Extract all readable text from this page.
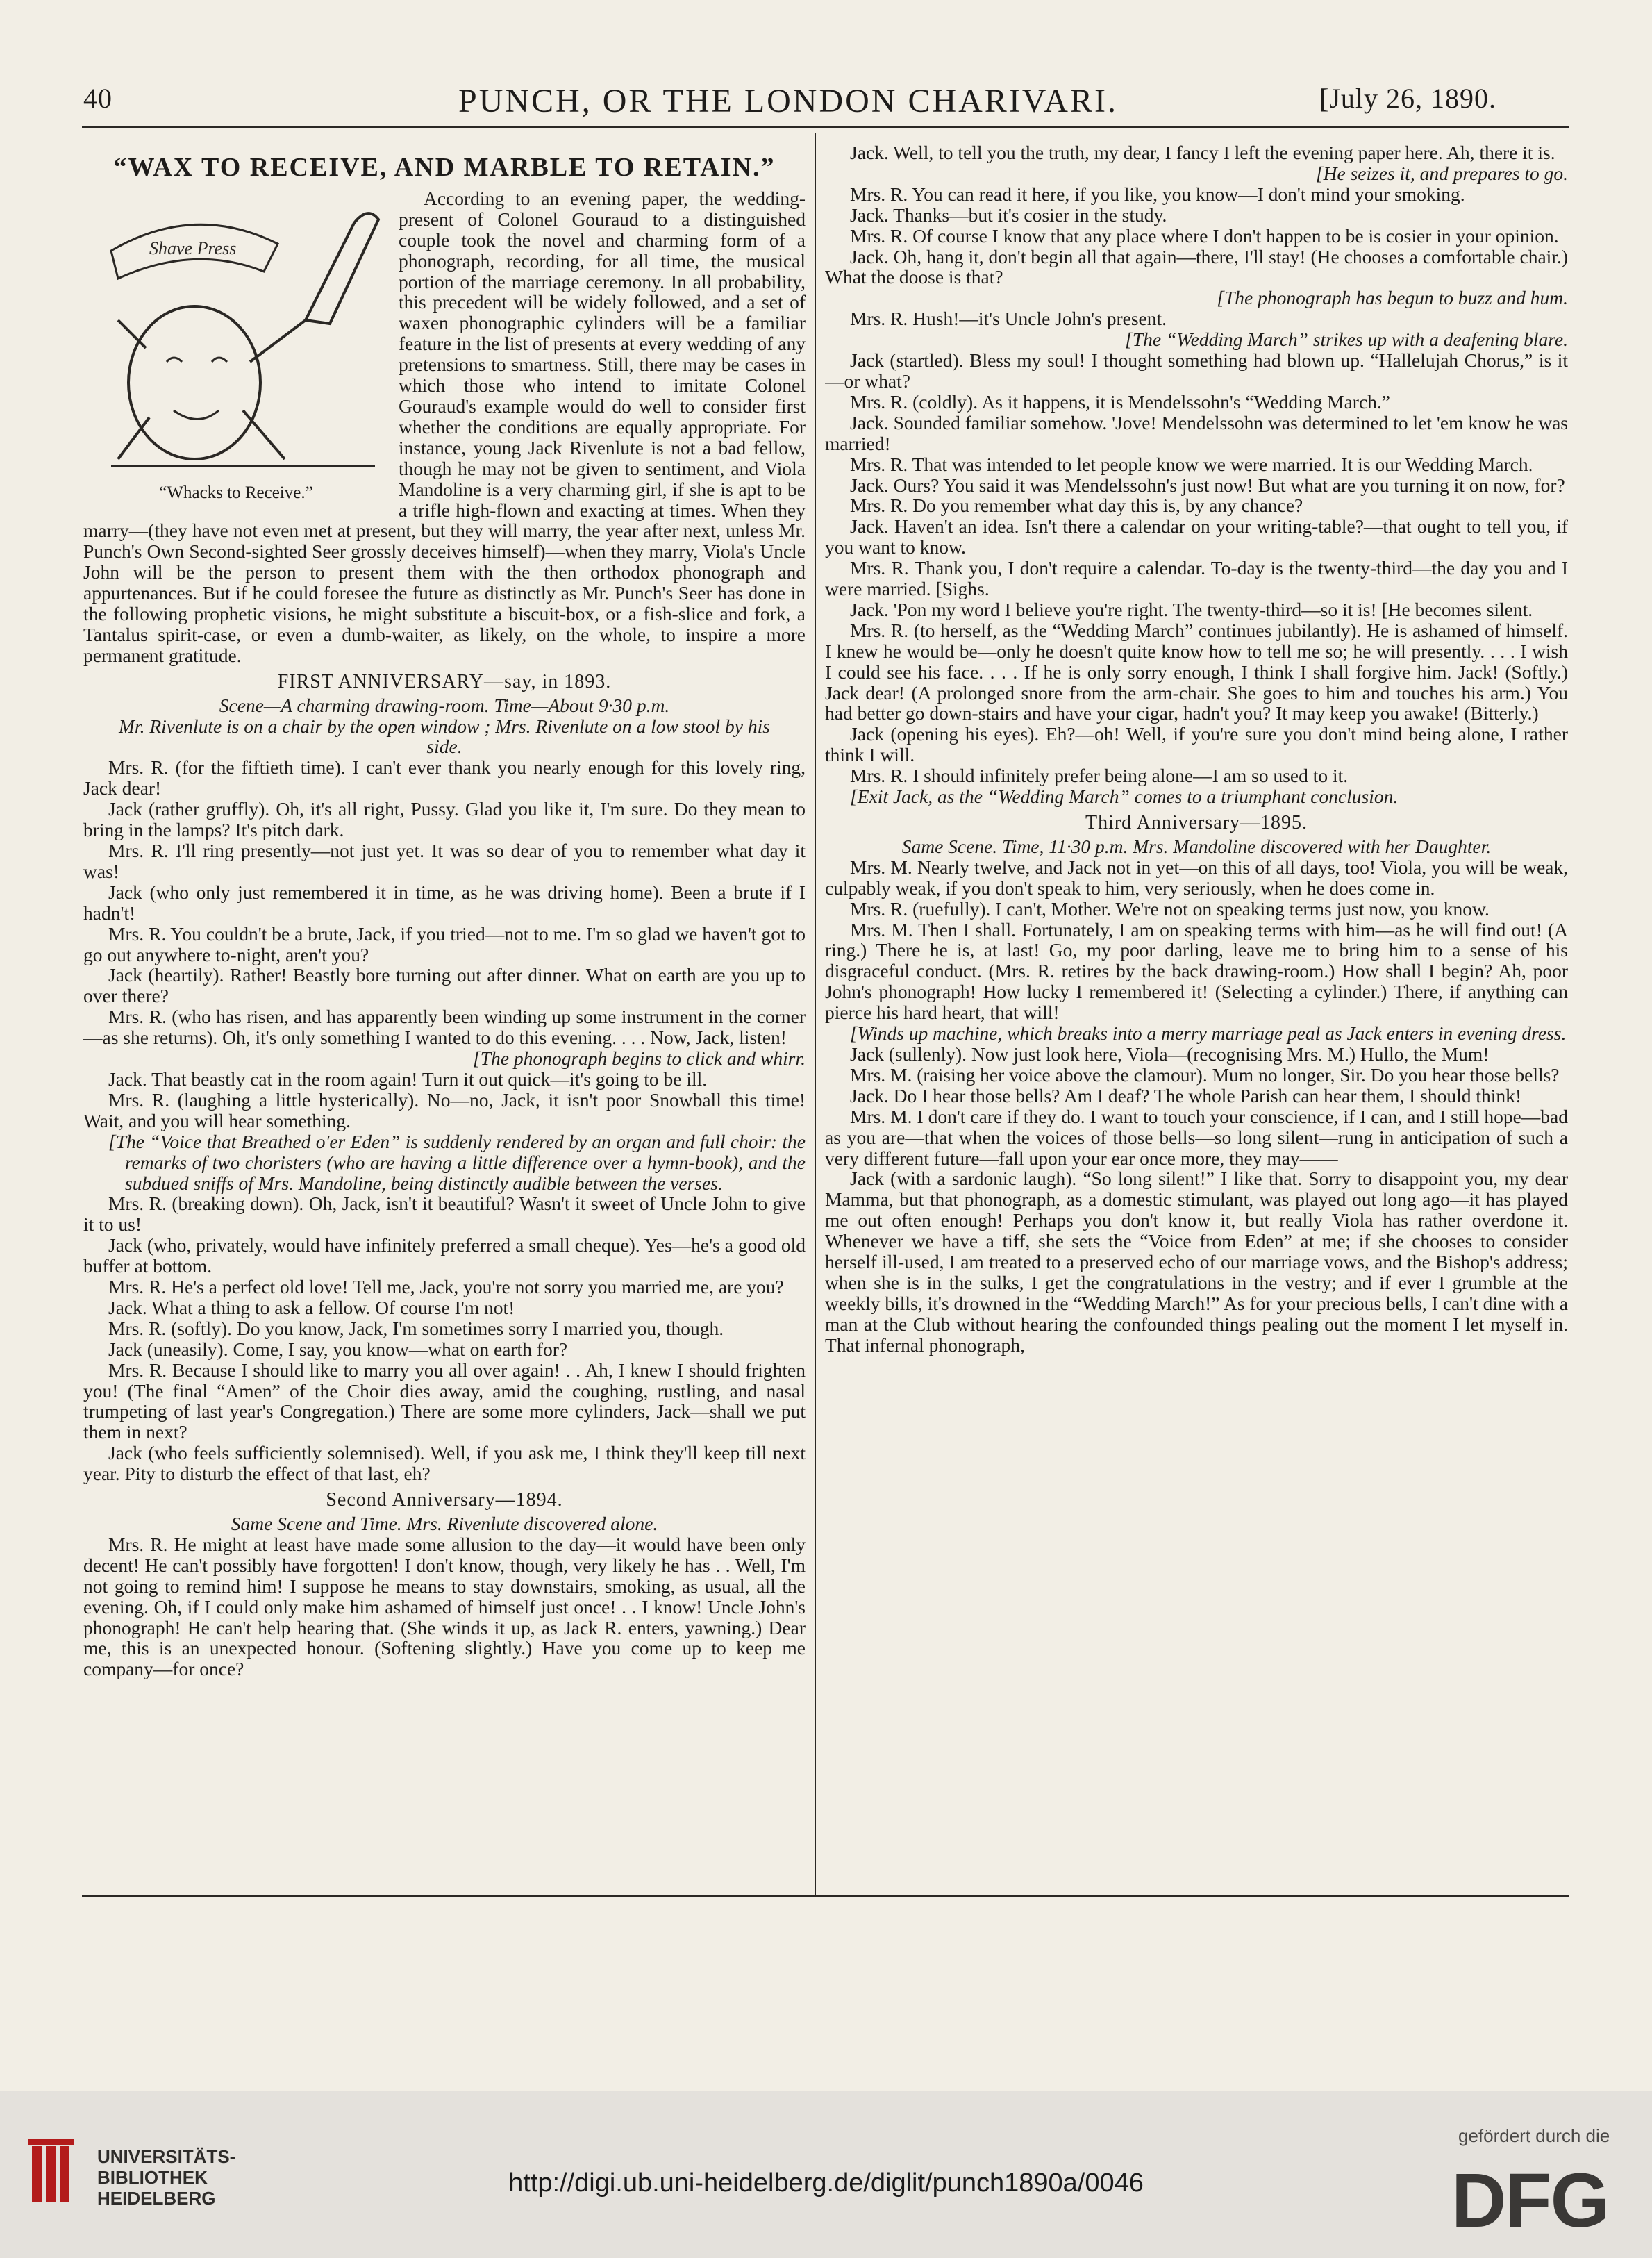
40	PUNCH, OR THE LONDON CHARIVARI.	[July 26, 1890.
“WAX TO RECEIVE, AND MARBLE TO RETAIN.”
Shave Press
“Whacks to Receive.”

According to an evening paper, the wedding-present of Colonel Gouraud to a distinguished couple took the novel and charming form of a phonograph, recording, for all time, the musical portion of the marriage ceremony. In all probability, this precedent will be widely followed, and a set of waxen phonographic cylinders will be a familiar feature in the list of presents at every wedding of any pretensions to smartness. Still, there may be cases in which those who intend to imitate Colonel Gouraud's example would do well to consider first whether the conditions are equally appropriate. For instance, young Jack Rivenlute is not a bad fellow, though he may not be given to sentiment, and Viola Mandoline is a very charming girl, if she is apt to be a trifle high-flown and exacting at times. When they marry—(they have not even met at present, but they will marry, the year after next, unless Mr. Punch's Own Second-sighted Seer grossly deceives himself)—when they marry, Viola's Uncle John will be the person to present them with the then orthodox phonograph and appurtenances. But if he could foresee the future as distinctly as Mr. Punch's Seer has done in the following prophetic visions, he might substitute a biscuit-box, or a fish-slice and fork, a Tantalus spirit-case, or even a dumb-waiter, as likely, on the whole, to inspire a more permanent gratitude.

FIRST ANNIVERSARY—say, in 1893.
Scene—A charming drawing-room. Time—About 9·30 p.m.
Mr. Rivenlute is on a chair by the open window ; Mrs. Rivenlute on a low stool by his side.

Mrs. R. (for the fiftieth time). I can't ever thank you nearly enough for this lovely ring, Jack dear!

Jack (rather gruffly). Oh, it's all right, Pussy. Glad you like it, I'm sure. Do they mean to bring in the lamps? It's pitch dark.

Mrs. R. I'll ring presently—not just yet. It was so dear of you to remember what day it was!

Jack (who only just remembered it in time, as he was driving home). Been a brute if I hadn't!

Mrs. R. You couldn't be a brute, Jack, if you tried—not to me. I'm so glad we haven't got to go out anywhere to-night, aren't you?

Jack (heartily). Rather! Beastly bore turning out after dinner. What on earth are you up to over there?

Mrs. R. (who has risen, and has apparently been winding up some instrument in the corner—as she returns). Oh, it's only something I wanted to do this evening. . . . Now, Jack, listen!

[The phonograph begins to click and whirr.

Jack. That beastly cat in the room again! Turn it out quick—it's going to be ill.

Mrs. R. (laughing a little hysterically). No—no, Jack, it isn't poor Snowball this time! Wait, and you will hear something.

[The “Voice that Breathed o'er Eden” is suddenly rendered by an organ and full choir: the remarks of two choristers (who are having a little difference over a hymn-book), and the subdued sniffs of Mrs. Mandoline, being distinctly audible between the verses.

Mrs. R. (breaking down). Oh, Jack, isn't it beautiful? Wasn't it sweet of Uncle John to give it to us!

Jack (who, privately, would have infinitely preferred a small cheque). Yes—he's a good old buffer at bottom.

Mrs. R. He's a perfect old love! Tell me, Jack, you're not sorry you married me, are you?

Jack. What a thing to ask a fellow. Of course I'm not!

Mrs. R. (softly). Do you know, Jack, I'm sometimes sorry I married you, though.

Jack (uneasily). Come, I say, you know—what on earth for?

Mrs. R. Because I should like to marry you all over again! . . Ah, I knew I should frighten you! (The final “Amen” of the Choir dies away, amid the coughing, rustling, and nasal trumpeting of last year's Congregation.) There are some more cylinders, Jack—shall we put them in next?

Jack (who feels sufficiently solemnised). Well, if you ask me, I think they'll keep till next year. Pity to disturb the effect of that last, eh?

Second Anniversary—1894.
Same Scene and Time. Mrs. Rivenlute discovered alone.

Mrs. R. He might at least have made some allusion to the day—it would have been only decent! He can't possibly have forgotten! I don't know, though, very likely he has . . Well, I'm not going to remind him! I suppose he means to stay downstairs, smoking, as usual, all the evening. Oh, if I could only make him ashamed of himself just once! . . I know! Uncle John's phonograph! He can't help hearing that. (She winds it up, as Jack R. enters, yawning.) Dear me, this is an unexpected honour. (Softening slightly.) Have you come up to keep me company—for once?

Jack. Well, to tell you the truth, my dear, I fancy I left the evening paper here. Ah, there it is.

[He seizes it, and prepares to go.

Mrs. R. You can read it here, if you like, you know—I don't mind your smoking.

Jack. Thanks—but it's cosier in the study.

Mrs. R. Of course I know that any place where I don't happen to be is cosier in your opinion.

Jack. Oh, hang it, don't begin all that again—there, I'll stay! (He chooses a comfortable chair.) What the doose is that?

[The phonograph has begun to buzz and hum.

Mrs. R. Hush!—it's Uncle John's present.

[The “Wedding March” strikes up with a deafening blare.

Jack (startled). Bless my soul! I thought something had blown up. “Hallelujah Chorus,” is it—or what?

Mrs. R. (coldly). As it happens, it is Mendelssohn's “Wedding March.”

Jack. Sounded familiar somehow. 'Jove! Mendelssohn was determined to let 'em know he was married!

Mrs. R. That was intended to let people know we were married. It is our Wedding March.

Jack. Ours? You said it was Mendelssohn's just now! But what are you turning it on now, for?

Mrs. R. Do you remember what day this is, by any chance?

Jack. Haven't an idea. Isn't there a calendar on your writing-table?—that ought to tell you, if you want to know.

Mrs. R. Thank you, I don't require a calendar. To-day is the twenty-third—the day you and I were married. [Sighs.

Jack. 'Pon my word I believe you're right. The twenty-third—so it is! [He becomes silent.

Mrs. R. (to herself, as the “Wedding March” continues jubilantly). He is ashamed of himself. I knew he would be—only he doesn't quite know how to tell me so; he will presently. . . . I wish I could see his face. . . . If he is only sorry enough, I think I shall forgive him. Jack! (Softly.) Jack dear! (A prolonged snore from the arm-chair. She goes to him and touches his arm.) You had better go down-stairs and have your cigar, hadn't you? It may keep you awake! (Bitterly.)

Jack (opening his eyes). Eh?—oh! Well, if you're sure you don't mind being alone, I rather think I will.

Mrs. R. I should infinitely prefer being alone—I am so used to it.

[Exit Jack, as the “Wedding March” comes to a triumphant conclusion.

Third Anniversary—1895.
Same Scene. Time, 11·30 p.m. Mrs. Mandoline discovered with her Daughter.

Mrs. M. Nearly twelve, and Jack not in yet—on this of all days, too! Viola, you will be weak, culpably weak, if you don't speak to him, very seriously, when he does come in.

Mrs. R. (ruefully). I can't, Mother. We're not on speaking terms just now, you know.

Mrs. M. Then I shall. Fortunately, I am on speaking terms with him—as he will find out! (A ring.) There he is, at last! Go, my poor darling, leave me to bring him to a sense of his disgraceful conduct. (Mrs. R. retires by the back drawing-room.) How shall I begin? Ah, poor John's phonograph! How lucky I remembered it! (Selecting a cylinder.) There, if anything can pierce his hard heart, that will!

[Winds up machine, which breaks into a merry marriage peal as Jack enters in evening dress.

Jack (sullenly). Now just look here, Viola—(recognising Mrs. M.) Hullo, the Mum!

Mrs. M. (raising her voice above the clamour). Mum no longer, Sir. Do you hear those bells?

Jack. Do I hear those bells? Am I deaf? The whole Parish can hear them, I should think!

Mrs. M. I don't care if they do. I want to touch your conscience, if I can, and I still hope—bad as you are—that when the voices of those bells—so long silent—rung in anticipation of such a very different future—fall upon your ear once more, they may——

Jack (with a sardonic laugh). “So long silent!” I like that. Sorry to disappoint you, my dear Mamma, but that phonograph, as a domestic stimulant, was played out long ago—it has played me out often enough! Perhaps you don't know it, but really Viola has rather overdone it. Whenever we have a tiff, she sets the “Voice from Eden” at me; if she chooses to consider herself ill-used, I am treated to a preserved echo of our marriage vows, and the Bishop's address; when she is in the sulks, I get the congratulations in the vestry; and if ever I grumble at the weekly bills, it's drowned in the “Wedding March!” As for your precious bells, I can't dine with a man at the Club without hearing the confounded things pealing out the moment I let myself in. That infernal phonograph,

UNIVERSITÄTS-
BIBLIOTHEK
HEIDELBERG
http://digi.ub.uni-heidelberg.de/diglit/punch1890a/0046
gefördert durch die
DFG
